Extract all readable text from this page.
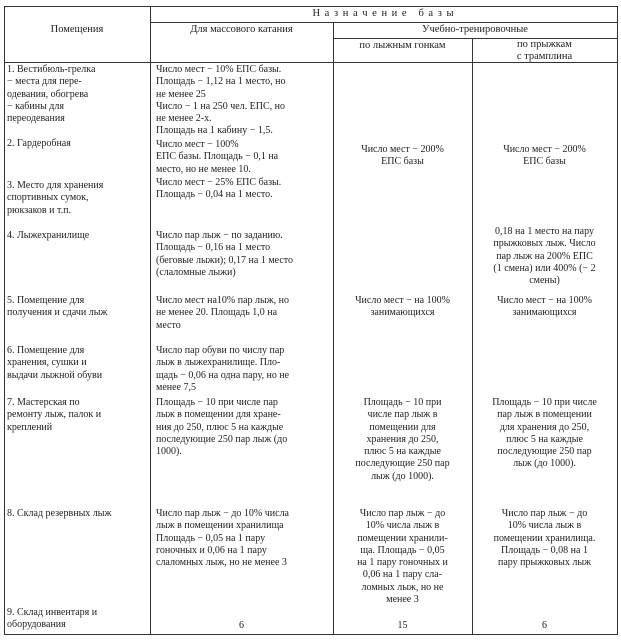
Помещения
Н а з н а ч е н и е   б а з ы
Для массового катания	Учебно-тренировочные
по лыжным гонкам	по прыжкам
с трамплина
1. Вестибюль-грелка
− места для пере-
одевания, обогрева
− кабины для
переодевания
2. Гардеробная
3. Место для хранения
спортивных сумок,
рюкзаков и т.п.
4. Лыжехранилище
5. Помещение для
получения и сдачи лыж
6. Помещение для
хранения, сушки и
выдачи лыжной обуви
7. Мастерская по
ремонту лыж, палок и
креплений
8. Склад резервных лыж
9. Склад инвентаря и
оборудования
Число мест − 10% ЕПС базы.
Площадь − 1,12 на 1 место, но
не менее 25
Число − 1 на 250 чел. ЕПС, но
не менее 2-х.
Площадь на 1 кабину − 1,5.
Число мест − 100%
ЕПС базы. Площадь − 0,1 на
место, но не менее 10.
Число мест − 25% ЕПС базы.
Площадь − 0,04 на 1 место.
Число пар лыж − по заданию.
Площадь − 0,16 на 1 место
(беговые лыжи); 0,17 на 1 место
(слаломные лыжи)
Число мест на10% пар лыж, но
не менее 20. Площадь 1,0 на
место
Число пар обуви по числу пар
лыж в лыжехранилище. Пло-
щадь − 0,06 на одна пару, но не
менее 7,5
Площадь − 10 при числе пар
лыж в помещении для хране-
ния до 250, плюс 5 на каждые
последующие 250 пар лыж (до
1000).
Число пар лыж − до 10% числа
лыж в помещении хранилища
Площадь − 0,05 на 1 пару
гоночных и 0,06 на 1 пару
слаломных лыж, но не менее 3
6
Число мест − 200%
ЕПС базы
Число мест − на 100%
занимающихся
Площадь − 10 при
числе пар лыж в
помещении для
хранения до 250,
плюс 5 на каждые
последующие 250 пар
лыж (до 1000).
Число пар лыж − до
10% числа лыж в
помещении хранили-
ща. Площадь − 0,05
на 1 пару гоночных и
0,06 на 1 пару сла-
ломных лыж, но не
менее 3
15
Число мест − 200%
ЕПС базы
0,18 на 1 место на пару
прыжковых лыж. Число
пар лыж на 200% ЕПС
(1 смена) или 400% (− 2
смены)
Число мест − на 100%
занимающихся
Площадь − 10 при числе
пар лыж в помещении
для хранения до 250,
плюс 5 на каждые
последующие 250 пар
лыж (до 1000).
Число пар лыж − до
10% числа лыж в
помещении хранилища.
Площадь − 0,08 на 1
пару прыжковых лыж
6
